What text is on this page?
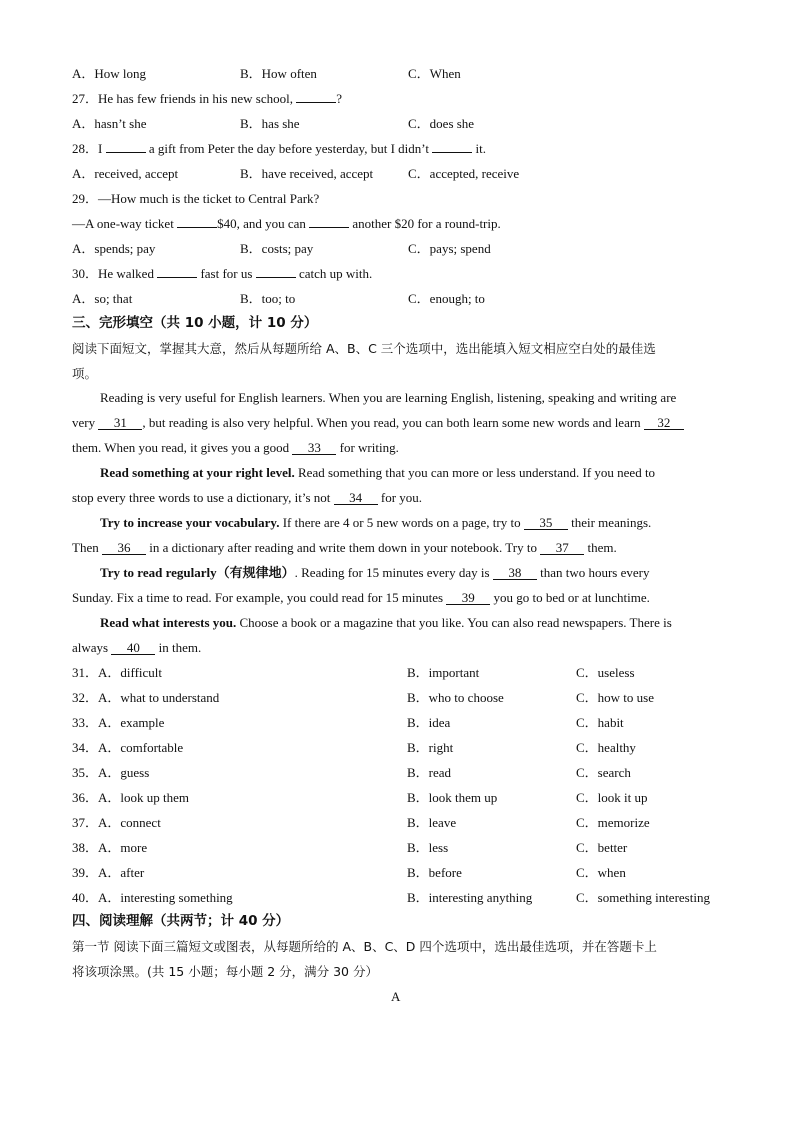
A．How long	B．How often	C．When
27．He has few friends in his new school,	?
A．hasn’t she	B．has she	C．does she
28．I	a gift from Peter the day before yesterday, but I didn’t	it.
A．received, accept	B．have received, accept	C．accepted, receive
29．—How much is the ticket to Central Park?
—A one-way ticket	$40, and you can	another $20 for a round-trip.
A．spends; pay	B．costs; pay	C．pays; spend
30．He walked	fast for us	catch up with.
A．so; that	B．too; to	C．enough; to
三、完形填空（共 10 小题，计 10 分）
阅读下面短文，掌握其大意，然后从每题所给 A、B、C 三个选项中，选出能填入短文相应空白处的最佳选
项。
Reading is very useful for English learners. When you are learning English, listening, speaking and writing are
very 31 , but reading is also very helpful. When you read, you can both learn some new words and learn 32
them. When you read, it gives you a good 33 for writing.
Read something at your right level. Read something that you can more or less understand. If you need to
stop every three words to use a dictionary, it’s not 34 for you.
Try to increase your vocabulary. If there are 4 or 5 new words on a page, try to 35 their meanings.
Then 36 in a dictionary after reading and write them down in your notebook. Try to 37 them.
Try to read regularly（有规律地）. Reading for 15 minutes every day is 38 than two hours every
Sunday. Fix a time to read. For example, you could read for 15 minutes 39 you go to bed or at lunchtime.
Read what interests you. Choose a book or a magazine that you like. You can also read newspapers. There is
always 40 in them.
31．A．difficult	B．important	C．useless
32．A．what to understand	B．who to choose	C．how to use
33．A．example	B．idea	C．habit
34．A．comfortable	B．right	C．healthy
35．A．guess	B．read	C．search
36．A．look up them	B．look them up	C．look it up
37．A．connect	B．leave	C．memorize
38．A．more	B．less	C．better
39．A．after	B．before	C．when
40．A．interesting something	B．interesting anything	C．something interesting
四、阅读理解（共两节；计 40 分）
第一节 阅读下面三篇短文或图表，从每题所给的 A、B、C、D 四个选项中，选出最佳选项，并在答题卡上
将该项涂黑。(共 15 小题；每小题 2 分，满分 30 分）
A
